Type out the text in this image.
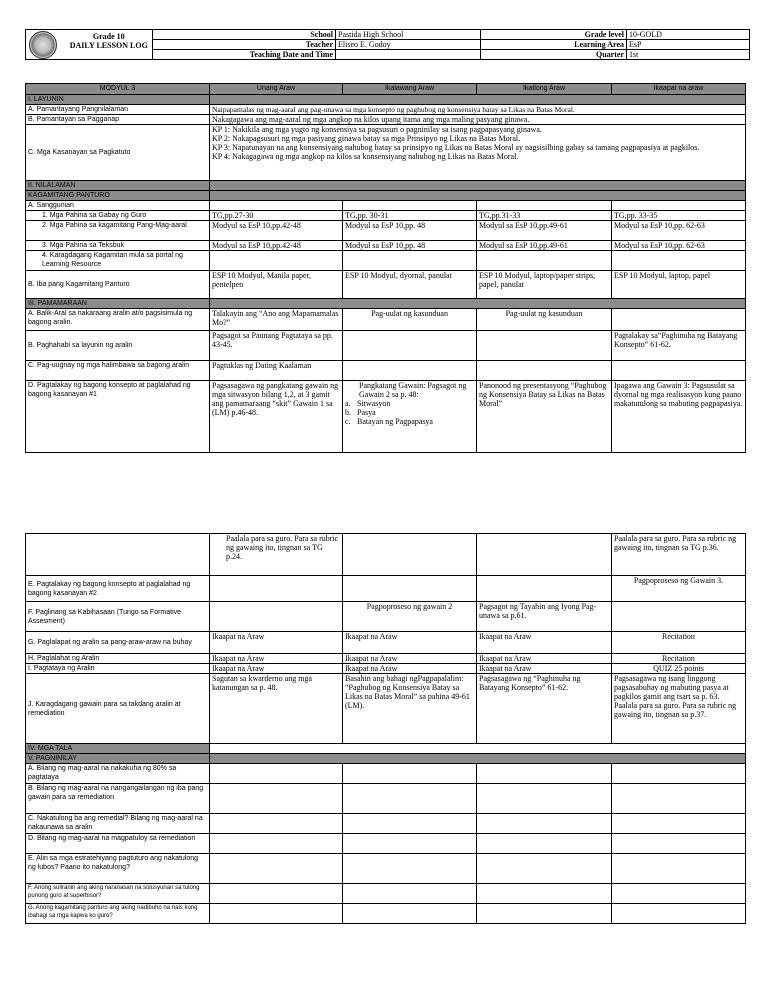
	Grade 10
DAILY LESSON LOG	School	Pastida High School	Grade level	10-GOLD
		Teacher	Eliseo E. Godoy	Learning Area	EsP
		Teaching Date and Time		Quarter	1st
MODYUL 3	Unang Araw	Ikalawang Araw	Ikatlong Araw	Ikaapat na araw
I. LAYUNIN				
A. Pamantayang Pangnilalaman	Naipapamalas ng mag-aaral ang pag-unawa sa mga konsepto ng paghubog ng konsensiya batay sa Likas na Batas Moral.			
B. Pamantayan sa Pagganap	Nakagagawa ang mag-aaral ng mga angkop na kilos upang itama ang mga maling pasyang ginawa.			
C. Mga Kasanayan sa Pagkatuto	KP 1: Nakikila ang mga yugto ng konsensiya sa pagsusuri o pagninilay sa isang pagpapasyang ginawa.
KP 2: Nakapagsusuri ng mga pasiyang ginawa batay sa mga Prinsipyo ng Likas na Batas Moral.
KP 3: Napatunayan na ang konsensiyang nahubog batay sa prinsipyo ng Likas na Batas Moral ay nagsisilbing gabay sa tamang pagpapasiya at pagkilos.
KP 4: Nakagagawa ng mga angkop na kilos sa konsensiyang nahubog ng Likas na Batas Moral.			

II. NILALAMAN				
KAGAMITANG PANTURO				
A. Sanggunian				
1. Mga Pahina sa Gabay ng Guro	TG,pp.27-30	TG,pp. 30-31	TG,pp.31-33	TG,pp. 33-35
2. Mga Pahina sa kagamitang Pang-Mag-aaral	Modyul sa EsP 10,pp.42-48	Modyul sa EsP 10,pp. 48	Modyul sa EsP 10,pp.49-61	Modyul sa EsP 10,pp. 62-63
3. Mga Pahina sa Teksbuk	Modyul sa EsP 10,pp.42-48	Modyul sa EsP 10,pp. 48	Modyul sa EsP 10,pp.49-61	Modyul sa EsP 10,pp. 62-63
4. Karagdagang Kagamitan mula sa portal ng Learning Resource				
B. Iba pang Kagamitang Panturo	ESP 10 Modyul, Manila paper, pentelpen	ESP 10 Modyul, dyornal, panulat	ESP 10 Modyul, laptop/paper strips, papel, panulat	ESP 10 Modyul, laptop, papel
III. PAMAMARAAN				
A. Balik-Aral sa nakaraang aralin at/o pagsisimula ng bagong aralin.	Talakayin ang “Ano ang Mapamamalas Mo?”	Pag-uulat ng kasunduan	Pag-uulat ng kasunduan	
B. Paghahabi sa layunin ng aralin	Pagsagot sa Paunang Pagtataya sa pp. 43-45.			Pagtalakay sa“Paghinuha ng Batayang Konsepto” 61-62.
C. Pag-uugnay ng mga halimbawa sa bagong aralin	Pagtuklas ng Dating Kaalaman			
D. Pagtalakay ng bagong konsepto at paglalahad ng bagong kasanayan #1	Pagsasagawa ng pangkatang gawain ng mga sitwasyon bilang 1,2, at 3 gamit ang pamamaraang “skit” Gawain 1 sa (LM) p.46-48.	Pangkatang Gawain: Pagsagot ng Gawain 2 sa p. 48:
a. Sitwasyon
b. Pasya
c. Batayan ng Pagpapasya	Panonood ng presentasyong “Paghubog ng Konsensiya Batay sa Likas na Batas Moral”	Ipagawa ang Gawain 3: Pagsusulat sa dyornal ng mga realisasyon kung paano makatutulong sa mabuting pagpapasiya.
	Paalala para sa guro. Para sa rubric ng gawaing ito, tingnan sa TG p.24.			Paalala para sa guro. Para sa rubric ng gawaing ito, tingnan sa TG p.36.
E. Pagtalakay ng bagong konsepto at paglalahad ng bagong kasanayan #2				Pagpoproseso ng Gawain 3.
F. Paglinang sa Kabihasaan (Tungo sa Formative Assesment)		Pagpoproseso ng gawain 2	Pagsagot ng Tayahin ang Iyong Pag-unawa sa p.61.	
G. Paglalapat ng aralin sa pang-araw-araw na buhay	Ikaapat na Araw	Ikaapat na Araw	Ikaapat na Araw	Recitation
H. Paglalahat ng Aralin	Ikaapat na Araw	Ikaapat na Araw	Ikaapat na Araw	Recitation
I. Pagtataya ng Aralin	Ikaapat na Araw	Ikaapat na Araw	Ikaapat na Araw	QUIZ 25 points
J. Karagdagang gawain para sa takdang aralin at remediation	Sagutan sa kwarderno ang mga katanungan sa p. 48.	Basahin ang bahagi ngPagpapalalim: “Paghubog ng Konsensiya Batay sa Likas na Batas Moral” sa pahina 49-61 (LM).	Pagsasagawa ng “Paghinuha ng Batayang Konsepto” 61-62.	Pagsasagawa ng isang linggong pagsasabuhay ng mabuting pasya at pagkilos gamit ang tsart sa p. 63. Paalala para sa guro. Para sa rubric ng gawaing ito, tingnan sa p.37.
IV. MGA TALA				
V. PAGNINILAY				
A. Bilang ng mag-aaral na nakakuha ng 80% sa pagtataya				
B. Bilang ng mag-aaral na nangangailangan ng iba pang gawain para sa remediation				
C. Nakatulong ba ang remedial? Bilang ng mag-aaral na nakaunawa sa aralin				
D. Bilang ng mag-aaral na magpatuloy sa remediation				
E. Alin sa mga estratehiyang pagtuturo ang nakatulong ng lubos? Paano ito nakatulong?				
F. Anong suliranin ang aking naranasan na solusyunan sa tulong punong guro at superbisor?				
G. Anong kagamitang panturo ang aking nadibuho na nais kong ibahagi sa mga kapwa ko guro?				
